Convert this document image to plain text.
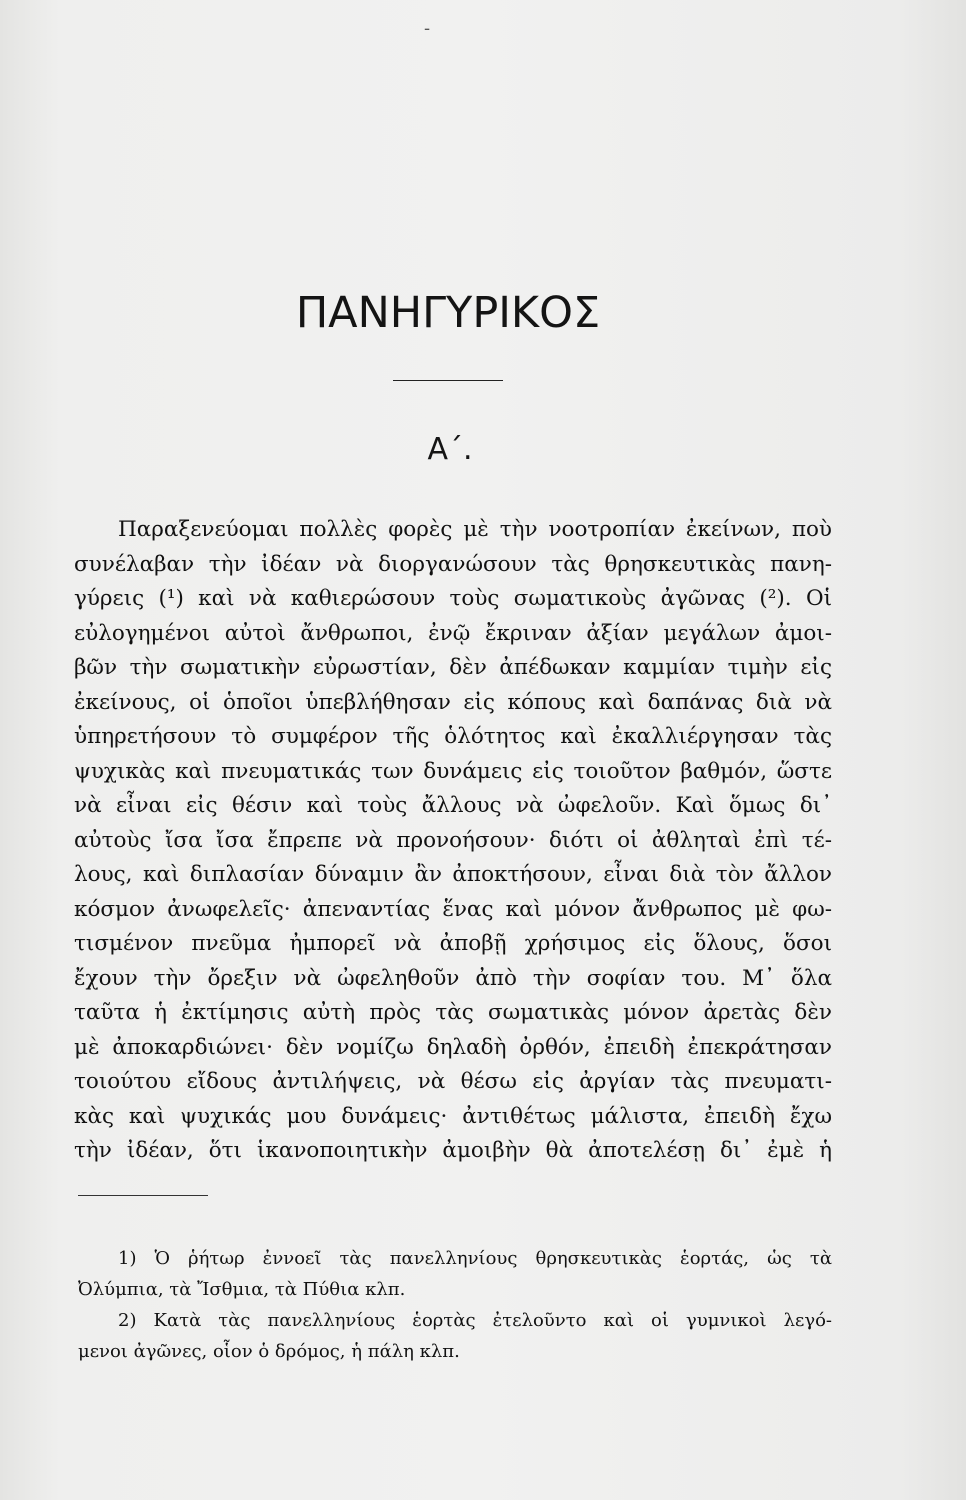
-
ΠΑΝΗΓΥΡΙΚΟΣ
Α΄.
Παραξενεύομαι πολλὲς φορὲς μὲ τὴν νοοτροπίαν ἐκείνων, ποὺ
συνέλαβαν τὴν ἰδέαν νὰ διοργανώσουν τὰς θρησκευτικὰς πανη-
γύρεις (¹) καὶ νὰ καθιερώσουν τοὺς σωματικοὺς ἀγῶνας (²). Οἱ
εὐλογημένοι αὐτοὶ ἄνθρωποι, ἐνῷ ἔκριναν ἀξίαν μεγάλων ἀμοι-
βῶν τὴν σωματικὴν εὐρωστίαν, δὲν ἀπέδωκαν καμμίαν τιμὴν εἰς
ἐκείνους, οἱ ὁποῖοι ὑπεβλήθησαν εἰς κόπους καὶ δαπάνας διὰ νὰ
ὑπηρετήσουν τὸ συμφέρον τῆς ὁλότητος καὶ ἐκαλλιέργησαν τὰς
ψυχικὰς καὶ πνευματικάς των δυνάμεις εἰς τοιοῦτον βαθμόν, ὥστε
νὰ εἶναι εἰς θέσιν καὶ τοὺς ἄλλους νὰ ὠφελοῦν. Καὶ ὅμως δι᾿
αὐτοὺς ἴσα ἴσα ἔπρεπε νὰ προνοήσουν· διότι οἱ ἀθληταὶ ἐπὶ τέ-
λους, καὶ διπλασίαν δύναμιν ἂν ἀποκτήσουν, εἶναι διὰ τὸν ἄλλον
κόσμον ἀνωφελεῖς· ἀπεναντίας ἕνας καὶ μόνον ἄνθρωπος μὲ φω-
τισμένον πνεῦμα ἠμπορεῖ νὰ ἀποβῇ χρήσιμος εἰς ὅλους, ὅσοι
ἔχουν τὴν ὄρεξιν νὰ ὠφεληθοῦν ἀπὸ τὴν σοφίαν του. Μ᾿ ὅλα
ταῦτα ἡ ἐκτίμησις αὐτὴ πρὸς τὰς σωματικὰς μόνον ἀρετὰς δὲν
μὲ ἀποκαρδιώνει· δὲν νομίζω δηλαδὴ ὀρθόν, ἐπειδὴ ἐπεκράτησαν
τοιούτου εἴδους ἀντιλήψεις, νὰ θέσω εἰς ἀργίαν τὰς πνευματι-
κὰς καὶ ψυχικάς μου δυνάμεις· ἀντιθέτως μάλιστα, ἐπειδὴ ἔχω
τὴν ἰδέαν, ὅτι ἱκανοποιητικὴν ἀμοιβὴν θὰ ἀποτελέσῃ δι᾿ ἐμὲ ἡ
1) Ὁ ῥήτωρ ἐννοεῖ τὰς πανελληνίους θρησκευτικὰς ἑορτάς, ὡς τὰ
Ὀλύμπια, τὰ Ἴσθμια, τὰ Πύθια κλπ.
2) Κατὰ τὰς πανελληνίους ἑορτὰς ἐτελοῦντο καὶ οἱ γυμνικοὶ λεγό-
μενοι ἀγῶνες, οἷον ὁ δρόμος, ἡ πάλη κλπ.
